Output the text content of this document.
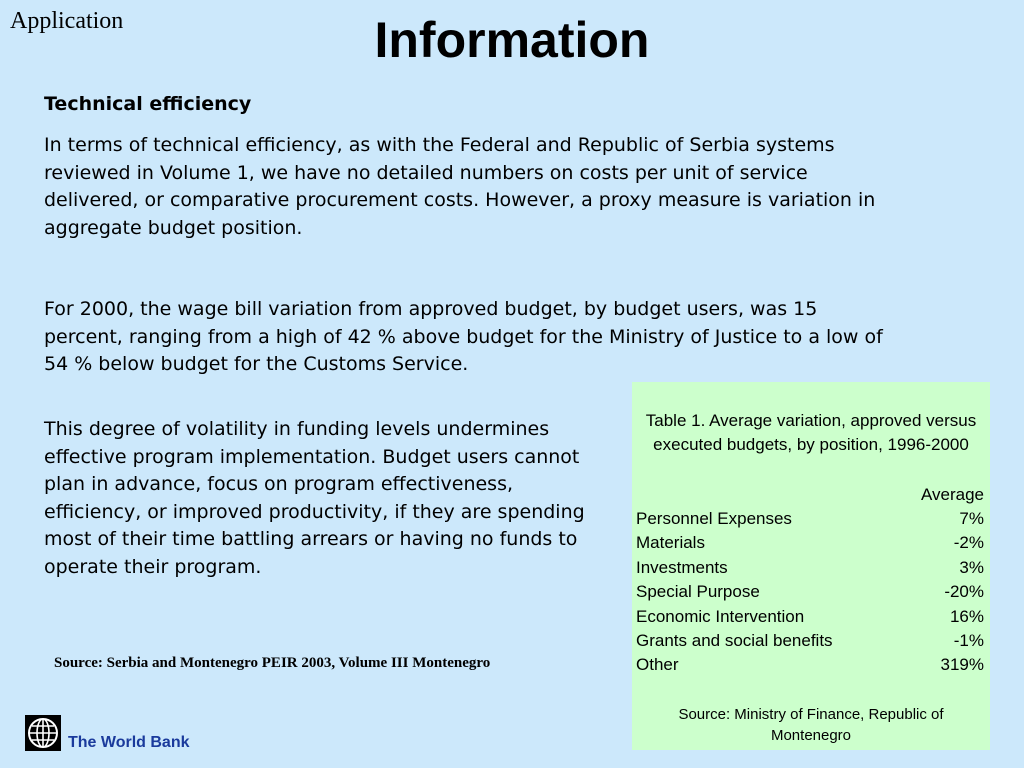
Application	Information
Technical efficiency

In terms of technical efficiency, as with the Federal and Republic of Serbia systems reviewed in Volume 1, we have no detailed numbers on costs per unit of service delivered, or comparative procurement costs. However, a proxy measure is variation in aggregate budget position.

For 2000, the wage bill variation from approved budget, by budget users, was 15 percent, ranging from a high of 42 % above budget for the Ministry of Justice to a low of 54 % below budget for the Customs Service.

This degree of volatility in funding levels undermines effective program implementation. Budget users cannot plan in advance, focus on program effectiveness, efficiency, or improved productivity, if they are spending most of their time battling arrears or having no funds to operate their program.

Source: Serbia and Montenegro PEIR 2003, Volume III Montenegro
Table 1. Average variation, approved versus executed budgets, by position, 1996-2000
Average
Personnel Expenses	7%
Materials	-2%
Investments	3%
Special Purpose	-20%
Economic Intervention	16%
Grants and social benefits	-1%
Other	319%
Source: Ministry of Finance, Republic of Montenegro
The World Bank
